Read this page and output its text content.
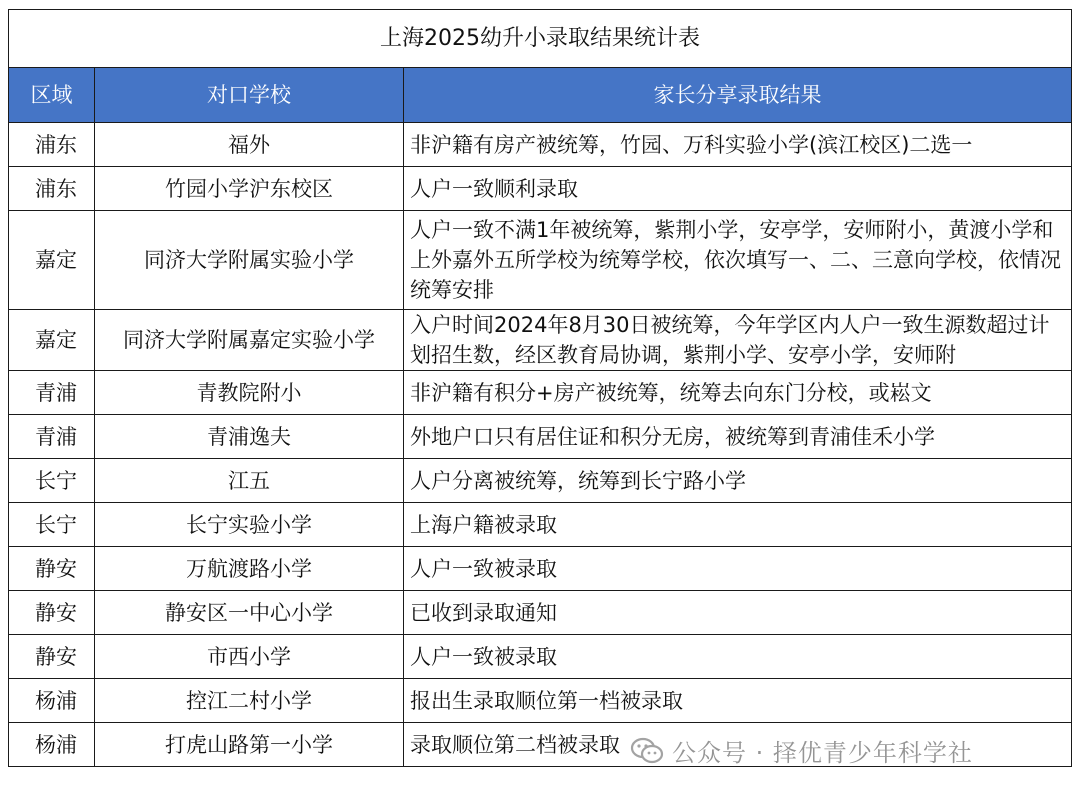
上海2025幼升小录取结果统计表		
区域	对口学校	家长分享录取结果
浦东	福外	非沪籍有房产被统筹，竹园、万科实验小学(滨江校区)二选一
浦东	竹园小学沪东校区	人户一致顺利录取
嘉定	同济大学附属实验小学	人户一致不满1年被统筹，紫荆小学，安亭学，安师附小，黄渡小学和上外嘉外五所学校为统筹学校，依次填写一、二、三意向学校，依情况统筹安排
嘉定	同济大学附属嘉定实验小学	入户时间2024年8月30日被统筹，今年学区内人户一致生源数超过计划招生数，经区教育局协调，紫荆小学、安亭小学，安师附

青浦	青教院附小	非沪籍有积分+房产被统筹，统筹去向东门分校，或崧文
青浦	青浦逸夫	外地户口只有居住证和积分无房，被统筹到青浦佳禾小学
长宁	江五	人户分离被统筹，统筹到长宁路小学
长宁	长宁实验小学	上海户籍被录取
静安	万航渡路小学	人户一致被录取
静安	静安区一中心小学	已收到录取通知
静安	市西小学	人户一致被录取
杨浦	控江二村小学	报出生录取顺位第一档被录取
杨浦	打虎山路第一小学	录取顺位第二档被录取 公众号 · 择优青少年科学社
